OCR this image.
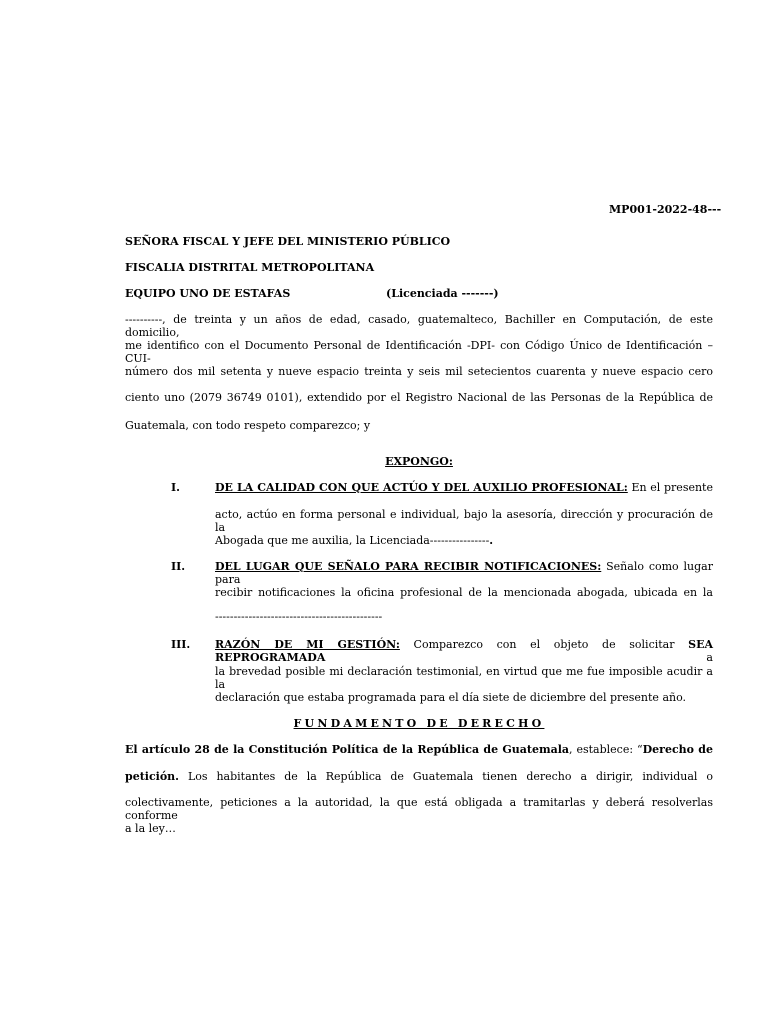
MP001-2022-48---
SEÑORA FISCAL Y JEFE DEL MINISTERIO PÚBLICO
FISCALIA DISTRITAL METROPOLITANA
EQUIPO UNO DE ESTAFAS	(Licenciada -------)
----------, de treinta y un años de edad, casado, guatemalteco, Bachiller en Computación, de este domicilio,
me identifico con el Documento Personal de Identificación -DPI- con Código Único de Identificación –CUI-
número dos mil setenta y nueve espacio treinta y seis mil setecientos cuarenta y nueve espacio cero
ciento uno (2079 36749 0101), extendido por el Registro Nacional de las Personas de la República de
Guatemala, con todo respeto comparezco; y
EXPONGO:
I.	DE LA CALIDAD CON QUE ACTÚO Y DEL AUXILIO PROFESIONAL: En el presente
acto, actúo en forma personal e individual, bajo la asesoría, dirección y procuración de la
Abogada que me auxilia, la Licenciada----------------.
II.	DEL LUGAR QUE SEÑALO PARA RECIBIR NOTIFICACIONES: Señalo como lugar para
recibir notificaciones la oficina profesional de la mencionada abogada, ubicada en la
---------------------------------------------
III. RAZÓN DE MI GESTIÓN: Comparezco con el objeto de solicitar SEA REPROGRAMADA a
la brevedad posible mi declaración testimonial, en virtud que me fue imposible acudir a la
declaración que estaba programada para el día siete de diciembre del presente año.
FUNDAMENTO DE DERECHO
El artículo 28 de la Constitución Política de la República de Guatemala, establece: “Derecho de
petición. Los habitantes de la República de Guatemala tienen derecho a dirigir, individual o
colectivamente, peticiones a la autoridad, la que está obligada a tramitarlas y deberá resolverlas conforme
a la ley…
